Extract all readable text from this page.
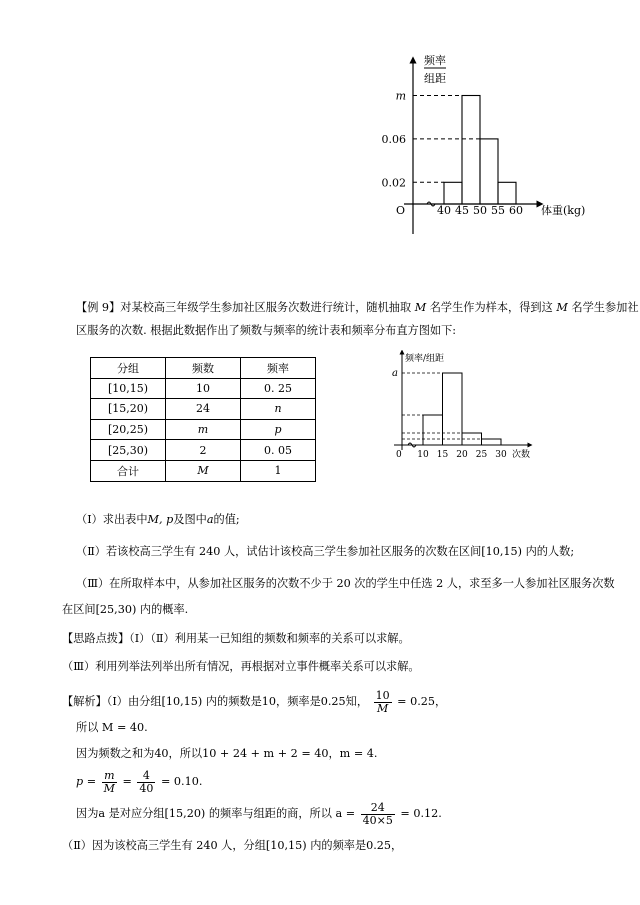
m
0.06
0.02
40 45 50 55 60
频率
组距
O	体重(kg)
【例 9】对某校高三年级学生参加社区服务次数进行统计，随机抽取 M 名学生作为样本，得到这 M 名学生参加社
区服务的次数. 根据此数据作出了频数与频率的统计表和频率分布直方图如下:
分组	频数	频率
[10,15)	10	0. 25
[15,20)	24	n
[20,25)	m	p
[25,30)	2	0. 05
合计	M	1
10 15 20 25 30
频率/组距
a
0	次数
（Ⅰ）求出表中M, p及图中a的值;
（Ⅱ）若该校高三学生有 240 人，试估计该校高三学生参加社区服务的次数在区间[10,15) 内的人数;
（Ⅲ）在所取样本中，从参加社区服务的次数不少于 20 次的学生中任选 2 人，求至多一人参加社区服务次数
在区间[25,30) 内的概率.
【思路点拨】（Ⅰ）（Ⅱ）利用某一已知组的频数和频率的关系可以求解。
（Ⅲ）利用列举法列举出所有情况，再根据对立事件概率关系可以求解。
【解析】（Ⅰ）由分组[10,15) 内的频数是10，频率是0.25知， $\frac{10}{M} = 0.25$，
所以 M = 40.
因为频数之和为40，所以10 + 24 + m + 2 = 40，m = 4.
$p = \frac{m}{M} = \frac{4}{40} = 0.10$.
因为a 是对应分组[15,20) 的频率与组距的商，所以 $a = \frac{24}{40\times 5} = 0.12$.
（Ⅱ）因为该校高三学生有 240 人，分组[10,15) 内的频率是0.25，
